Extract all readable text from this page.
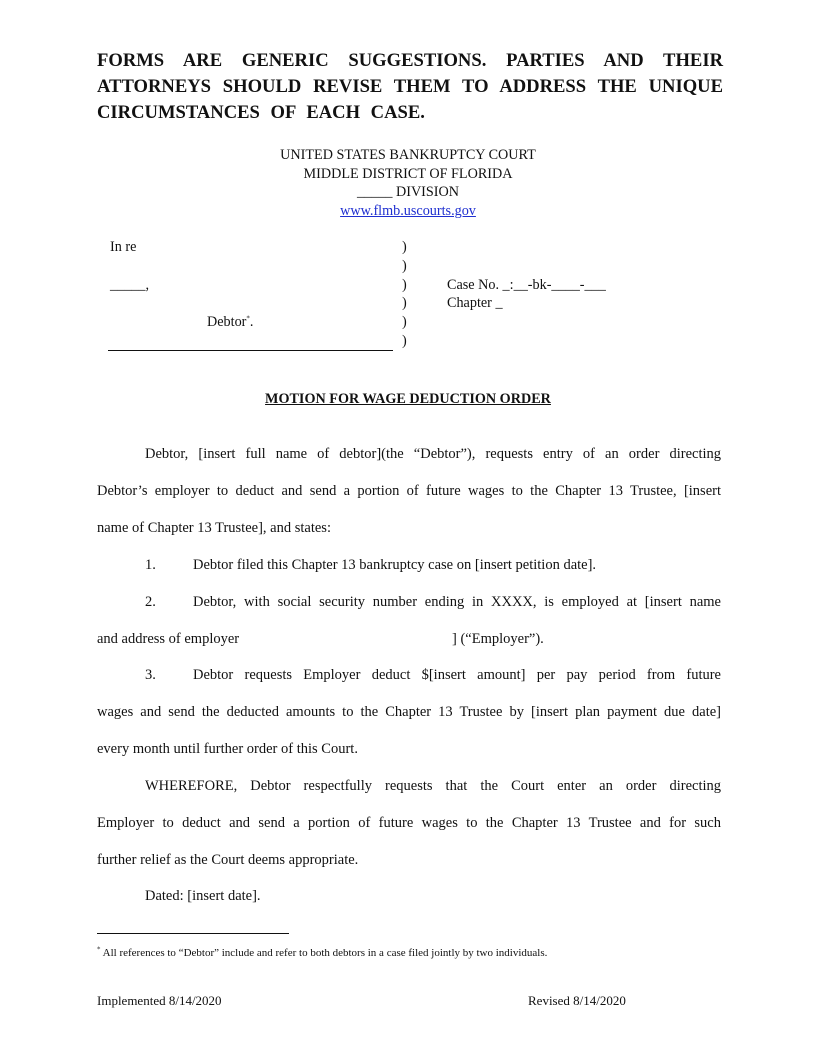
FORMS ARE GENERIC SUGGESTIONS. PARTIES AND THEIR ATTORNEYS SHOULD REVISE THEM TO ADDRESS THE UNIQUE CIRCUMSTANCES OF EACH CASE.
UNITED STATES BANKRUPTCY COURT
MIDDLE DISTRICT OF FLORIDA
_____ DIVISION
www.flmb.uscourts.gov
In re
_____,
Debtor*.
)
)
)
)
)
)
Case No. _:__-bk-____-___
Chapter _
MOTION FOR WAGE DEDUCTION ORDER
Debtor, [insert full name of debtor](the “Debtor”), requests entry of an order directing
Debtor’s employer to deduct and send a portion of future wages to the Chapter 13 Trustee, [insert
name of Chapter 13 Trustee], and states:
1.	Debtor filed this Chapter 13 bankruptcy case on [insert petition date].
2.	Debtor, with social security number ending in XXXX, is employed at [insert name
and address of employer	] (“Employer”).
3.	Debtor requests Employer deduct $[insert amount] per pay period from future
wages and send the deducted amounts to the Chapter 13 Trustee by [insert plan payment due date]
every month until further order of this Court.
WHEREFORE, Debtor respectfully requests that the Court enter an order directing
Employer to deduct and send a portion of future wages to the Chapter 13 Trustee and for such
further relief as the Court deems appropriate.
Dated: [insert date].
* All references to “Debtor” include and refer to both debtors in a case filed jointly by two individuals.
Implemented 8/14/2020	Revised 8/14/2020
